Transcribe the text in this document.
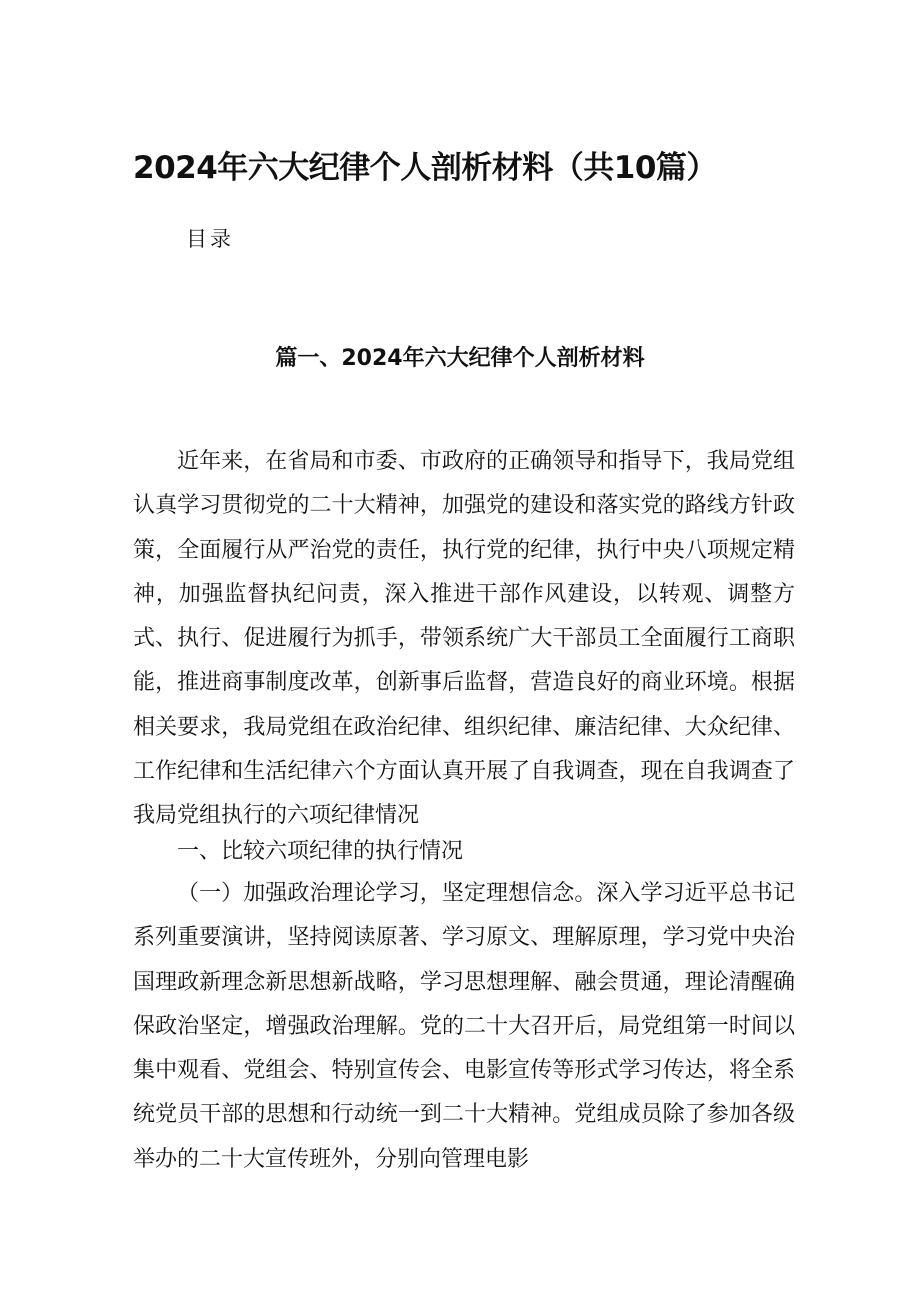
2024年六大纪律个人剖析材料（共10篇）
目录
篇一、2024年六大纪律个人剖析材料

近年来，在省局和市委、市政府的正确领导和指导下，我局党组认真学习贯彻党的二十大精神，加强党的建设和落实党的路线方针政策，全面履行从严治党的责任，执行党的纪律，执行中央八项规定精神，加强监督执纪问责，深入推进干部作风建设，以转观、调整方式、执行、促进履行为抓手，带领系统广大干部员工全面履行工商职能，推进商事制度改革，创新事后监督，营造良好的商业环境。根据相关要求，我局党组在政治纪律、组织纪律、廉洁纪律、大众纪律、工作纪律和生活纪律六个方面认真开展了自我调查，现在自我调查了我局党组执行的六项纪律情况

一、比较六项纪律的执行情况

（一）加强政治理论学习，坚定理想信念。深入学习近平总书记系列重要演讲，坚持阅读原著、学习原文、理解原理，学习党中央治国理政新理念新思想新战略，学习思想理解、融会贯通，理论清醒确保政治坚定，增强政治理解。党的二十大召开后，局党组第一时间以集中观看、党组会、特别宣传会、电影宣传等形式学习传达，将全系统党员干部的思想和行动统一到二十大精神。党组成员除了参加各级举办的二十大宣传班外，分别向管理电影
